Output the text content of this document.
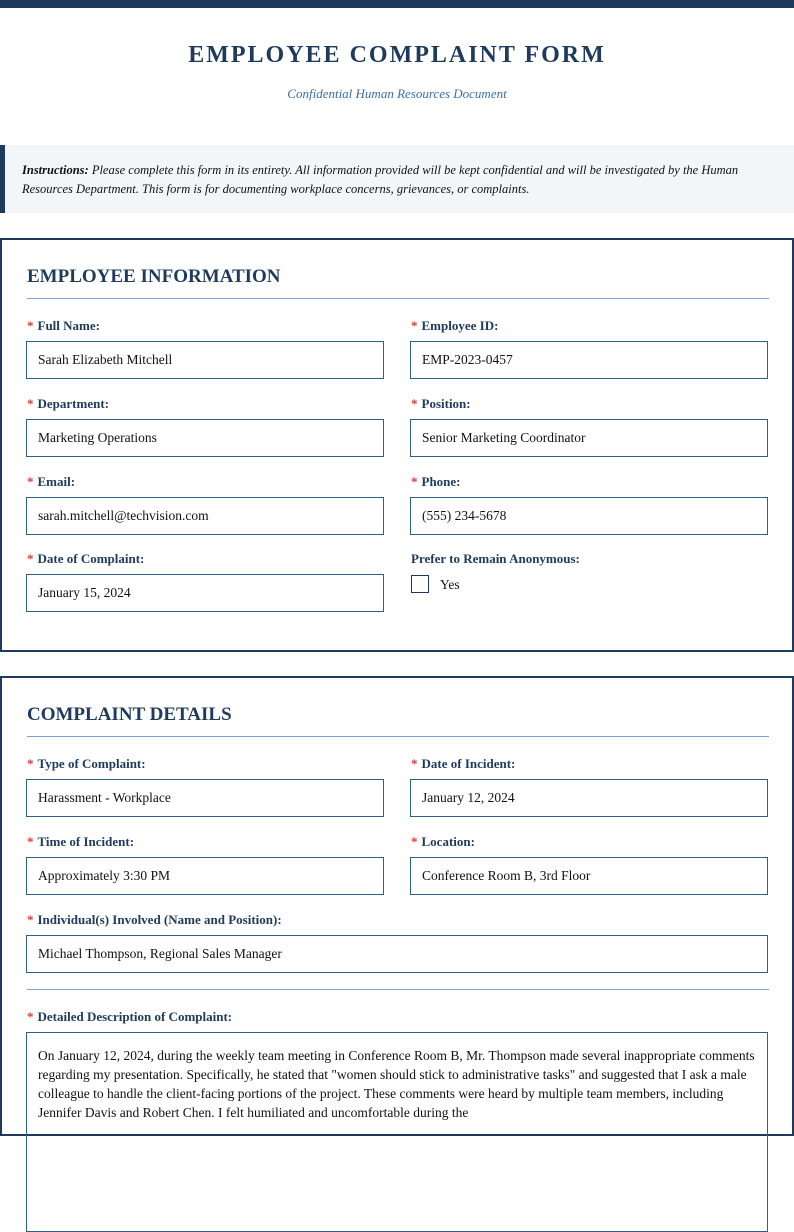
EMPLOYEE COMPLAINT FORM
Confidential Human Resources Document
Instructions: Please complete this form in its entirety. All information provided will be kept confidential and will be investigated by the Human Resources Department. This form is for documenting workplace concerns, grievances, or complaints.
EMPLOYEE INFORMATION
* Full Name:
Sarah Elizabeth Mitchell
* Employee ID:
EMP-2023-0457
* Department:
Marketing Operations
* Position:
Senior Marketing Coordinator
* Email:
sarah.mitchell@techvision.com
* Phone:
(555) 234-5678
* Date of Complaint:
January 15, 2024
Prefer to Remain Anonymous:
Yes
COMPLAINT DETAILS
* Type of Complaint:
Harassment - Workplace
* Date of Incident:
January 12, 2024
* Time of Incident:
Approximately 3:30 PM
* Location:
Conference Room B, 3rd Floor
* Individual(s) Involved (Name and Position):
Michael Thompson, Regional Sales Manager
* Detailed Description of Complaint:
On January 12, 2024, during the weekly team meeting in Conference Room B, Mr. Thompson made several inappropriate comments regarding my presentation. Specifically, he stated that "women should stick to administrative tasks" and suggested that I ask a male colleague to handle the client-facing portions of the project. These comments were heard by multiple team members, including Jennifer Davis and Robert Chen. I felt humiliated and uncomfortable during the
